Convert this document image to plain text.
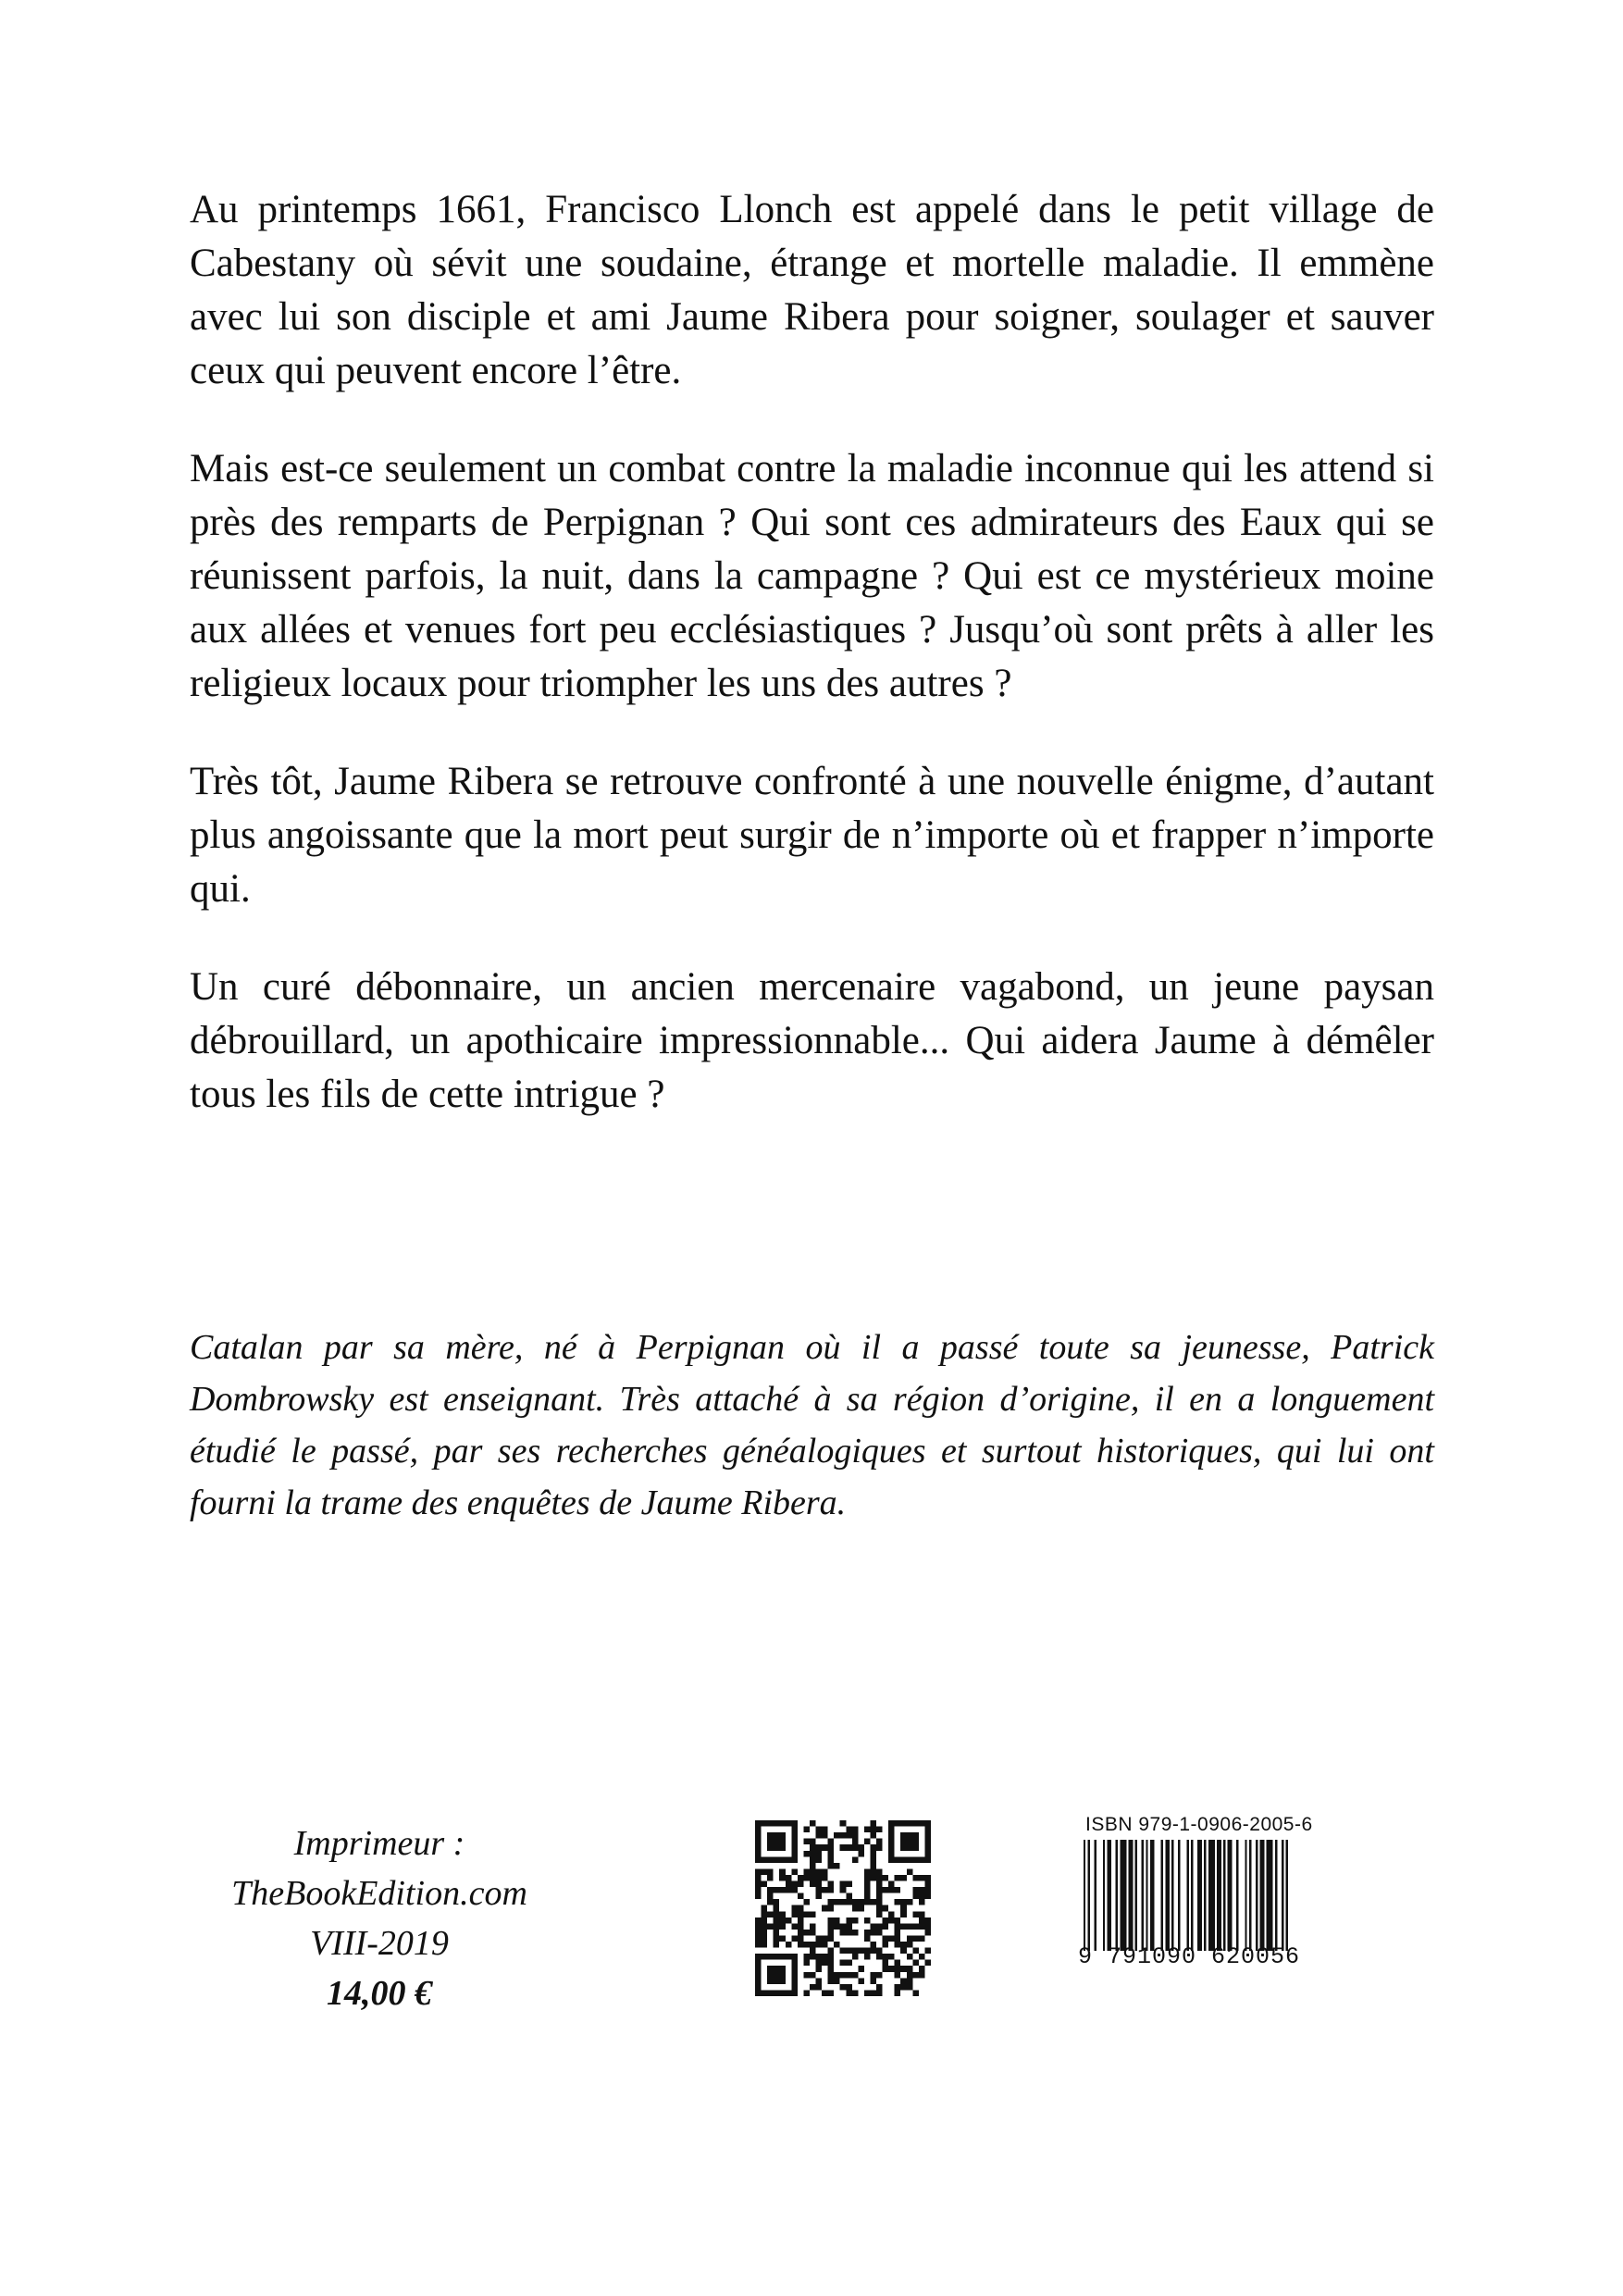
Au printemps 1661, Francisco Llonch est appelé dans le petit village de Cabestany où sévit une soudaine, étrange et mortelle maladie. Il emmène avec lui son disciple et ami Jaume Ribera pour soigner, soulager et sauver ceux qui peuvent encore l’être.

Mais est-ce seulement un combat contre la maladie inconnue qui les attend si près des remparts de Perpignan ? Qui sont ces admirateurs des Eaux qui se réunissent parfois, la nuit, dans la campagne ? Qui est ce mystérieux moine aux allées et venues fort peu ecclésiastiques ? Jusqu’où sont prêts à aller les religieux locaux pour triompher les uns des autres ?

Très tôt, Jaume Ribera se retrouve confronté à une nouvelle énigme, d’autant plus angoissante que la mort peut surgir de n’importe où et frapper n’importe qui.

Un curé débonnaire, un ancien mercenaire vagabond, un jeune paysan débrouillard, un apothicaire impressionnable... Qui aidera Jaume à démêler tous les fils de cette intrigue ?

Catalan par sa mère, né à Perpignan où il a passé toute sa jeunesse, Patrick Dombrowsky est enseignant. Très attaché à sa région d’origine, il en a longuement étudié le passé, par ses recherches généalogiques et surtout historiques, qui lui ont fourni la trame des enquêtes de Jaume Ribera.

Imprimeur :
TheBookEdition.com
VIII-2019
14,00 €
ISBN 979-1-0906-2005-6
9 791090 620056
